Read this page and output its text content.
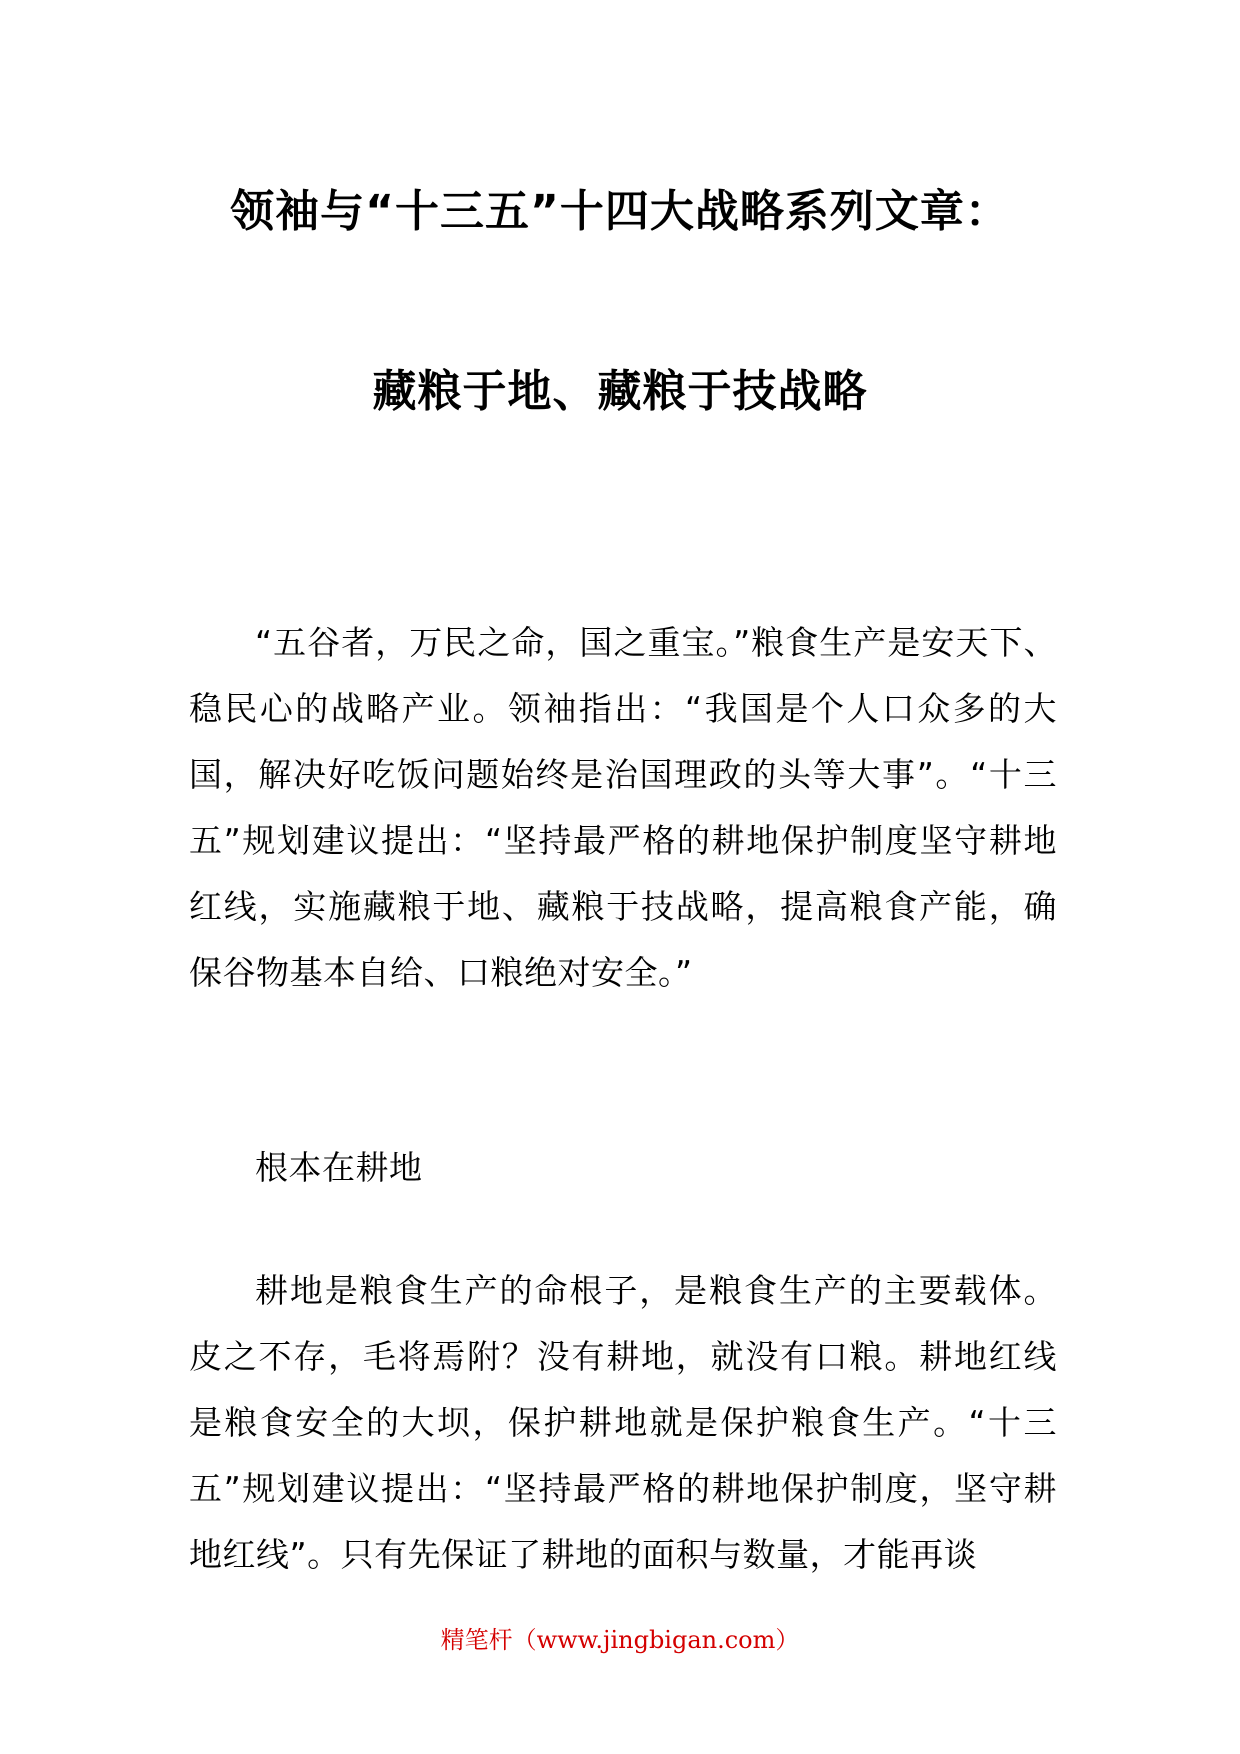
领袖与“十三五”十四大战略系列文章：
藏粮于地、藏粮于技战略

“五谷者，万民之命，国之重宝。”粮食生产是安天下、稳民心的战略产业。领袖指出：“我国是个人口众多的大国，解决好吃饭问题始终是治国理政的头等大事”。“十三五”规划建议提出：“坚持最严格的耕地保护制度坚守耕地红线，实施藏粮于地、藏粮于技战略，提高粮食产能，确保谷物基本自给、口粮绝对安全。”

根本在耕地

耕地是粮食生产的命根子，是粮食生产的主要载体。皮之不存，毛将焉附？没有耕地，就没有口粮。耕地红线是粮食安全的大坝，保护耕地就是保护粮食生产。“十三五”规划建议提出：“坚持最严格的耕地保护制度，坚守耕地红线”。只有先保证了耕地的面积与数量，才能再谈

精笔杆（www.jingbigan.com）
